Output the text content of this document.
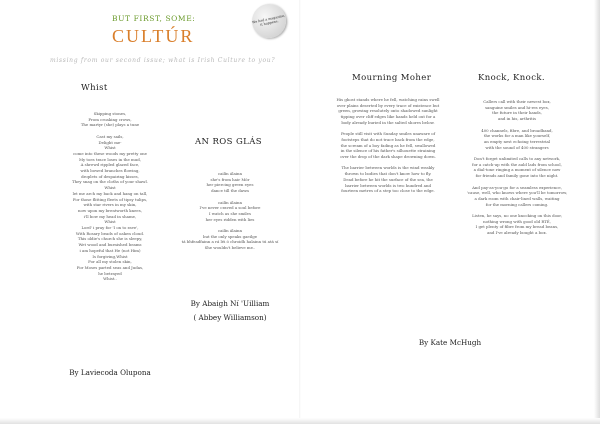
BUT FIRST, SOME:
CULTÚR
We had a magazine, it happens.
missing from our second issue; what is Irish Culture to you?
Whist
Skipping stones,
From croaking crows,
The martyr (she) plays a tune
Cast my sails,
Delight me-
Whist
come into these woods my pretty one
My toes trace loses in the mud,
A shrewd rippled glazed face,
with bowed branches flowing,
droplets of despairing kisses,
They snag on the cloths of your shawl.
Whist
let me arch my back and hang on tall,
For those flitting fleets of tipsy tulips,
with star rivers in my skin,
now upon my brentworth knees,
i'll bow my head in shame,
Whist
Lord' i pray for 'I on to rave',
With Rosary beads of oaken cloud.
This oldie's church she is sleepy,
Wet wood and burnished beams
i am hopeful that He (not Him)
Is forgiving,Whist
For all my stolen skin,
For Moses parted seas and Judas,
he betrayed
Whist..
By Laviecoda Olupona
AN ROS GLÁS
cailín álainn
she's from hair Mór
her piercing green eyes
dance till the dawn
cailín álainn
I've never craved a soul before
I watch as she smiles
her eyes ridden with lies
cailín álainn
but the only speaks gaeilge
tá bhfeadfainn a rá léi ó chroidh halainn tú atá sí
She wouldn't believe me..
By Abaigh Ní 'Uilliam
( Abbey Williamson)
Mourning Moher
His ghost stands where he fell, watching rains swell
over plains deserted by every trace of existence but
green, growing resolutely onto shadowed sunlight
tipping over cliff edges like hands held out for a
body already buried in the salted shores below.
People still visit with Sunday smiles unaware of
footsteps that do not trace back from the edge,
the scream of a boy fading as he fell, swallowed
in the silence of his father's silhouette straining
over the drop of the dark shape drowning down.
The barrier between worlds is the wind weakly
thrown to bodies that don't know how to fly.
Dead before he hit the surface of the sea, the
barrier between worlds is two hundred and
fourteen metres of a step too close to the edge.
By Kate McHugh
Knock, Knock.
Callers call with their newest box,
sanguine smiles and hi-res eyes,
the future in their hands,
and in his, arthritis
400 channels, fibre, and broadband,
the works for a man like yourself,
an empty nest echoing terrestrial
with the sound of 400 strangers
Don't forget unlimited calls to any network,
for a catch-up with the auld lads from school,
a dial-tone ringing a moment of silence now
for friends and family gone into the night.
And pay-as-you-go for a seamless experience,
'cause, well, who knows where you'll be tomorrow,
a dark room with chair-lined walls, waiting
for the morning callers coming.
Listen, he says, no one knocking on this door,
nothing wrong with good old RTÉ,
I get plenty of fibre from my bread beans,
and I've already bought a box.
